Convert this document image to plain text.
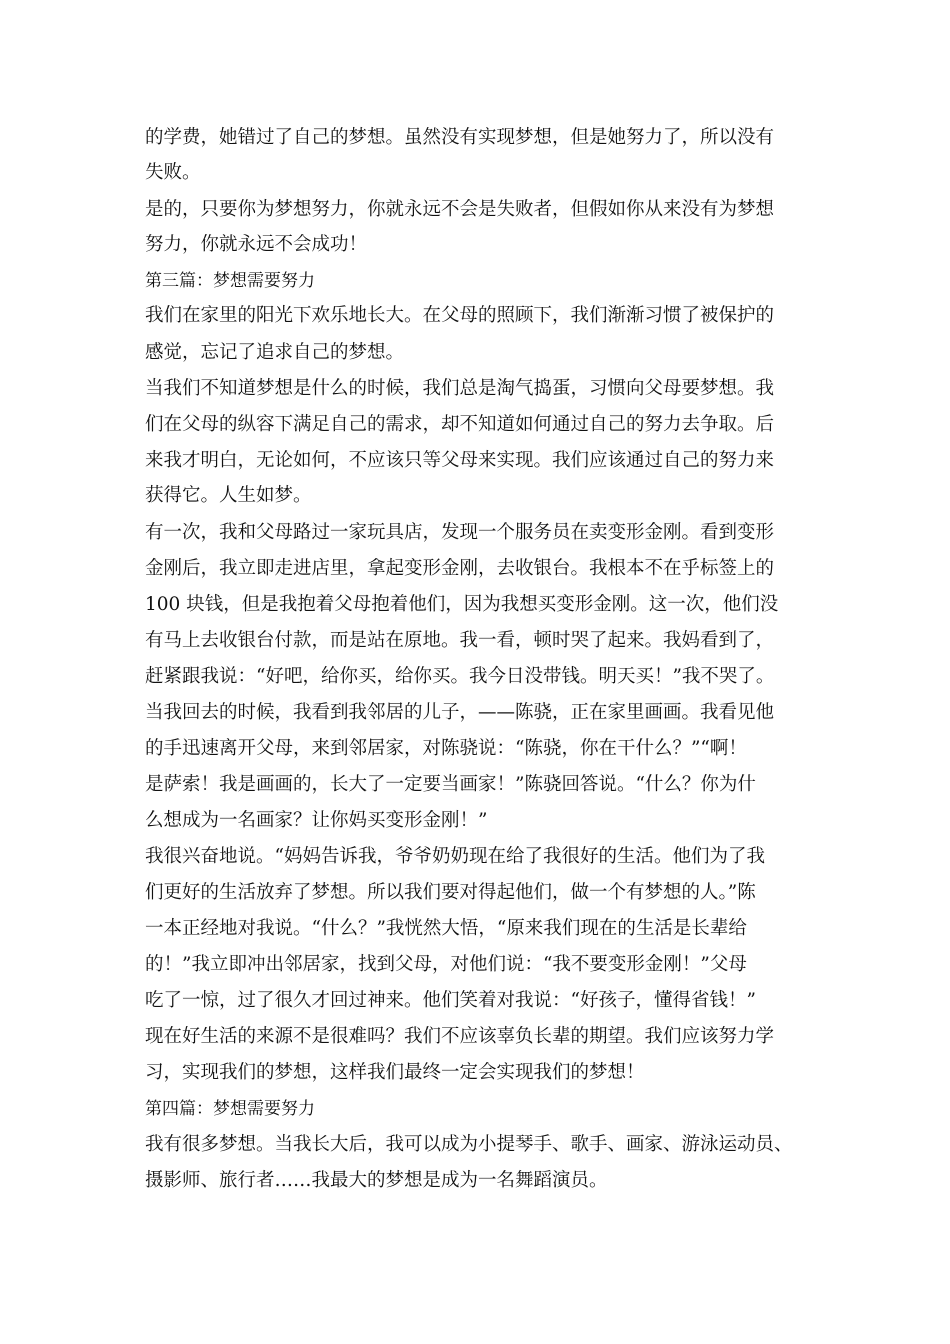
的学费，她错过了自己的梦想。虽然没有实现梦想，但是她努力了，所以没有

失败。

是的，只要你为梦想努力，你就永远不会是失败者，但假如你从来没有为梦想

努力，你就永远不会成功！

第三篇：梦想需要努力

我们在家里的阳光下欢乐地长大。在父母的照顾下，我们渐渐习惯了被保护的

感觉，忘记了追求自己的梦想。

当我们不知道梦想是什么的时候，我们总是淘气捣蛋，习惯向父母要梦想。我

们在父母的纵容下满足自己的需求，却不知道如何通过自己的努力去争取。后

来我才明白，无论如何，不应该只等父母来实现。我们应该通过自己的努力来

获得它。人生如梦。

有一次，我和父母路过一家玩具店，发现一个服务员在卖变形金刚。看到变形

金刚后，我立即走进店里，拿起变形金刚，去收银台。我根本不在乎标签上的

100 块钱，但是我抱着父母抱着他们，因为我想买变形金刚。这一次，他们没

有马上去收银台付款，而是站在原地。我一看，顿时哭了起来。我妈看到了，

赶紧跟我说：“好吧，给你买，给你买。我今日没带钱。明天买！”我不哭了。

当我回去的时候，我看到我邻居的儿子，——陈骁，正在家里画画。我看见他

的手迅速离开父母，来到邻居家，对陈骁说：“陈骁，你在干什么？”“啊！

是萨索！我是画画的，长大了一定要当画家！”陈骁回答说。“什么？你为什

么想成为一名画家？让你妈买变形金刚！”

我很兴奋地说。“妈妈告诉我，爷爷奶奶现在给了我很好的生活。他们为了我

们更好的生活放弃了梦想。所以我们要对得起他们，做一个有梦想的人。”陈

一本正经地对我说。“什么？”我恍然大悟，“原来我们现在的生活是长辈给

的！”我立即冲出邻居家，找到父母，对他们说：“我不要变形金刚！”父母

吃了一惊，过了很久才回过神来。他们笑着对我说：“好孩子，懂得省钱！”

现在好生活的来源不是很难吗？我们不应该辜负长辈的期望。我们应该努力学

习，实现我们的梦想，这样我们最终一定会实现我们的梦想！

第四篇：梦想需要努力

我有很多梦想。当我长大后，我可以成为小提琴手、歌手、画家、游泳运动员、

摄影师、旅行者……我最大的梦想是成为一名舞蹈演员。
